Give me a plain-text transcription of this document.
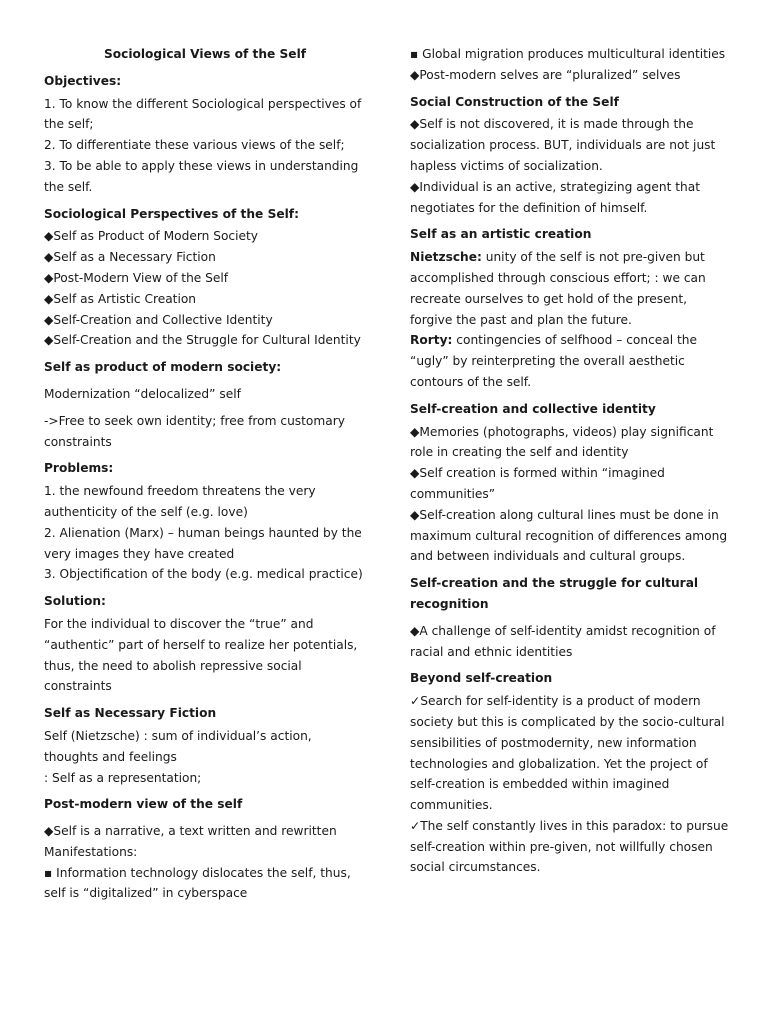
Sociological Views of the Self
Objectives:
1. To know the different Sociological perspectives of the self;
2. To differentiate these various views of the self;
3. To be able to apply these views in understanding the self.
Sociological Perspectives of the Self:
◆Self as Product of Modern Society
◆Self as a Necessary Fiction
◆Post-Modern View of the Self
◆Self as Artistic Creation
◆Self-Creation and Collective Identity
◆Self-Creation and the Struggle for Cultural Identity
Self as product of modern society:
Modernization “delocalized” self
->Free to seek own identity; free from customary constraints
Problems:
1. the newfound freedom threatens the very authenticity of the self (e.g. love)
2. Alienation (Marx) – human beings haunted by the very images they have created
3. Objectification of the body (e.g. medical practice)
Solution:
For the individual to discover the “true” and “authentic” part of herself to realize her potentials, thus, the need to abolish repressive social constraints
Self as Necessary Fiction
Self (Nietzsche) : sum of individual’s action, thoughts and feelings
: Self as a representation;
Post-modern view of the self
◆Self is a narrative, a text written and rewritten
Manifestations:
▪ Information technology dislocates the self, thus, self is “digitalized” in cyberspace
▪ Global migration produces multicultural identities
◆Post-modern selves are “pluralized” selves
Social Construction of the Self
◆Self is not discovered, it is made through the socialization process. BUT, individuals are not just hapless victims of socialization.
◆Individual is an active, strategizing agent that negotiates for the definition of himself.
Self as an artistic creation
Nietzsche: unity of the self is not pre-given but accomplished through conscious effort; : we can recreate ourselves to get hold of the present, forgive the past and plan the future.
Rorty: contingencies of selfhood – conceal the “ugly” by reinterpreting the overall aesthetic contours of the self.
Self-creation and collective identity
◆Memories (photographs, videos) play significant role in creating the self and identity
◆Self creation is formed within “imagined communities”
◆Self-creation along cultural lines must be done in maximum cultural recognition of differences among and between individuals and cultural groups.
Self-creation and the struggle for cultural recognition
◆A challenge of self-identity amidst recognition of racial and ethnic identities
Beyond self-creation
✓Search for self-identity is a product of modern society but this is complicated by the socio-cultural sensibilities of postmodernity, new information technologies and globalization. Yet the project of self-creation is embedded within imagined communities.
✓The self constantly lives in this paradox: to pursue self-creation within pre-given, not willfully chosen social circumstances.
